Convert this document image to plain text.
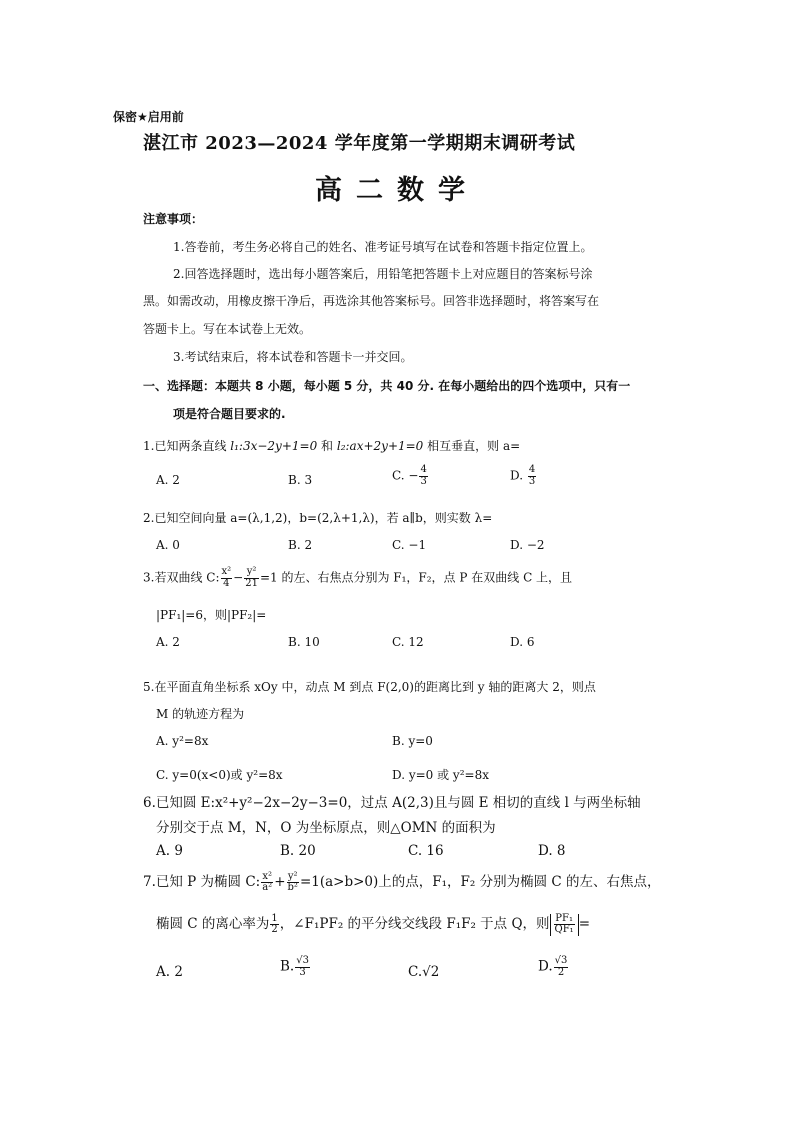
保密★启用前
湛江市 2023—2024 学年度第一学期期末调研考试
高二数学
注意事项：
1.答卷前，考生务必将自己的姓名、准考证号填写在试卷和答题卡指定位置上。
2.回答选择题时，选出每小题答案后，用铅笔把答题卡上对应题目的答案标号涂
黑。如需改动，用橡皮擦干净后，再选涂其他答案标号。回答非选择题时，将答案写在
答题卡上。写在本试卷上无效。
3.考试结束后，将本试卷和答题卡一并交回。
一、选择题：本题共 8 小题，每小题 5 分，共 40 分. 在每小题给出的四个选项中，只有一
项是符合题目要求的.
1.已知两条直线 l₁:3x−2y+1=0 和 l₂:ax+2y+1=0 相互垂直，则 a=
A. 2	B. 3	C. − $\frac{4}{3}$	D. $\frac{4}{3}$
2.已知空间向量 a=(λ,1,2)，b=(2,λ+1,λ)，若 a∥b，则实数 λ=
A. 0	B. 2	C. −1	D. −2
3.若双曲线 C: $\frac{\text{x²}}{4} - \frac{\text{y²}}{21} =1$ 的左、右焦点分别为 F₁，F₂，点 P 在双曲线 C 上，且
|PF₁|=6，则|PF₂|=
A. 2	B. 10	C. 12	D. 6
5.在平面直角坐标系 xOy 中，动点 M 到点 F(2,0)的距离比到 y 轴的距离大 2，则点
M 的轨迹方程为
A. y²=8x	B. y=0
C. y=0(x<0)或 y²=8x	D. y=0 或 y²=8x
6.已知圆 E:x²+y²−2x−2y−3=0，过点 A(2,3)且与圆 E 相切的直线 l 与两坐标轴
分别交于点 M，N，O 为坐标原点，则△OMN 的面积为
A. 9	B. 20	C. 16	D. 8
7.已知 P 为椭圆 C: $\frac{\text{x²}}{\text{a²}} + \frac{\text{y²}}{\text{b²}} =1(a>b>0)$上的点，F₁，F₂ 分别为椭圆 C 的左、右焦点，
椭圆 C 的离心率为 $\frac{1}{2}$ ，∠F₁PF₂ 的平分线交线段 F₁F₂ 于点 Q，则 $\frac{\text{PF₁}}{\text{QF₁}}$ =
A. 2	B. $\frac{√3}{3}$	C.√2	D. $\frac{√3}{2}$
